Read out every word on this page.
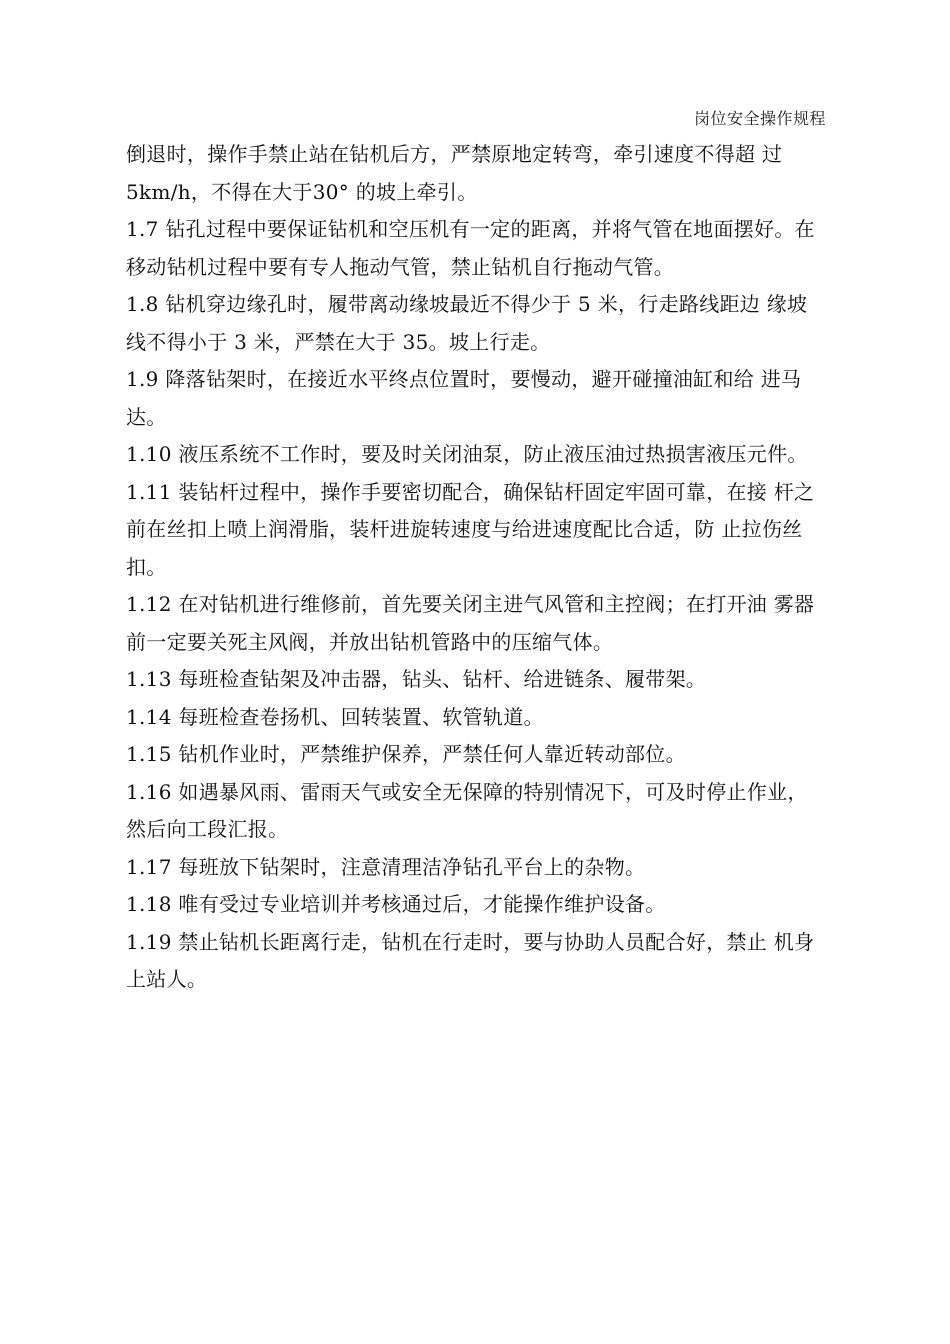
岗位安全操作规程

倒退时，操作手禁止站在钻机后方，严禁原地定转弯，牵引速度不得超 过5km/h，不得在大于30° 的坡上牵引。

1.7 钻孔过程中要保证钻机和空压机有一定的距离，并将气管在地面摆好。在移动钻机过程中要有专人拖动气管，禁止钻机自行拖动气管。

1.8 钻机穿边缘孔时，履带离动缘坡最近不得少于 5 米，行走路线距边 缘坡线不得小于 3 米，严禁在大于 35。坡上行走。

1.9 降落钻架时，在接近水平终点位置时，要慢动，避开碰撞油缸和给 进马达。

1.10 液压系统不工作时，要及时关闭油泵，防止液压油过热损害液压元件。

1.11 装钻杆过程中，操作手要密切配合，确保钻杆固定牢固可靠，在接 杆之前在丝扣上喷上润滑脂，装杆进旋转速度与给进速度配比合适，防 止拉伤丝扣。

1.12 在对钻机进行维修前，首先要关闭主进气风管和主控阀；在打开油 雾器前一定要关死主风阀，并放出钻机管路中的压缩气体。

1.13 每班检查钻架及冲击器，钻头、钻杆、给进链条、履带架。

1.14 每班检查卷扬机、回转装置、软管轨道。

1.15 钻机作业时，严禁维护保养，严禁任何人靠近转动部位。

1.16 如遇暴风雨、雷雨天气或安全无保障的特别情况下，可及时停止作业，然后向工段汇报。

1.17 每班放下钻架时，注意清理洁净钻孔平台上的杂物。

1.18 唯有受过专业培训并考核通过后，才能操作维护设备。

1.19 禁止钻机长距离行走，钻机在行走时，要与协助人员配合好，禁止 机身上站人。
